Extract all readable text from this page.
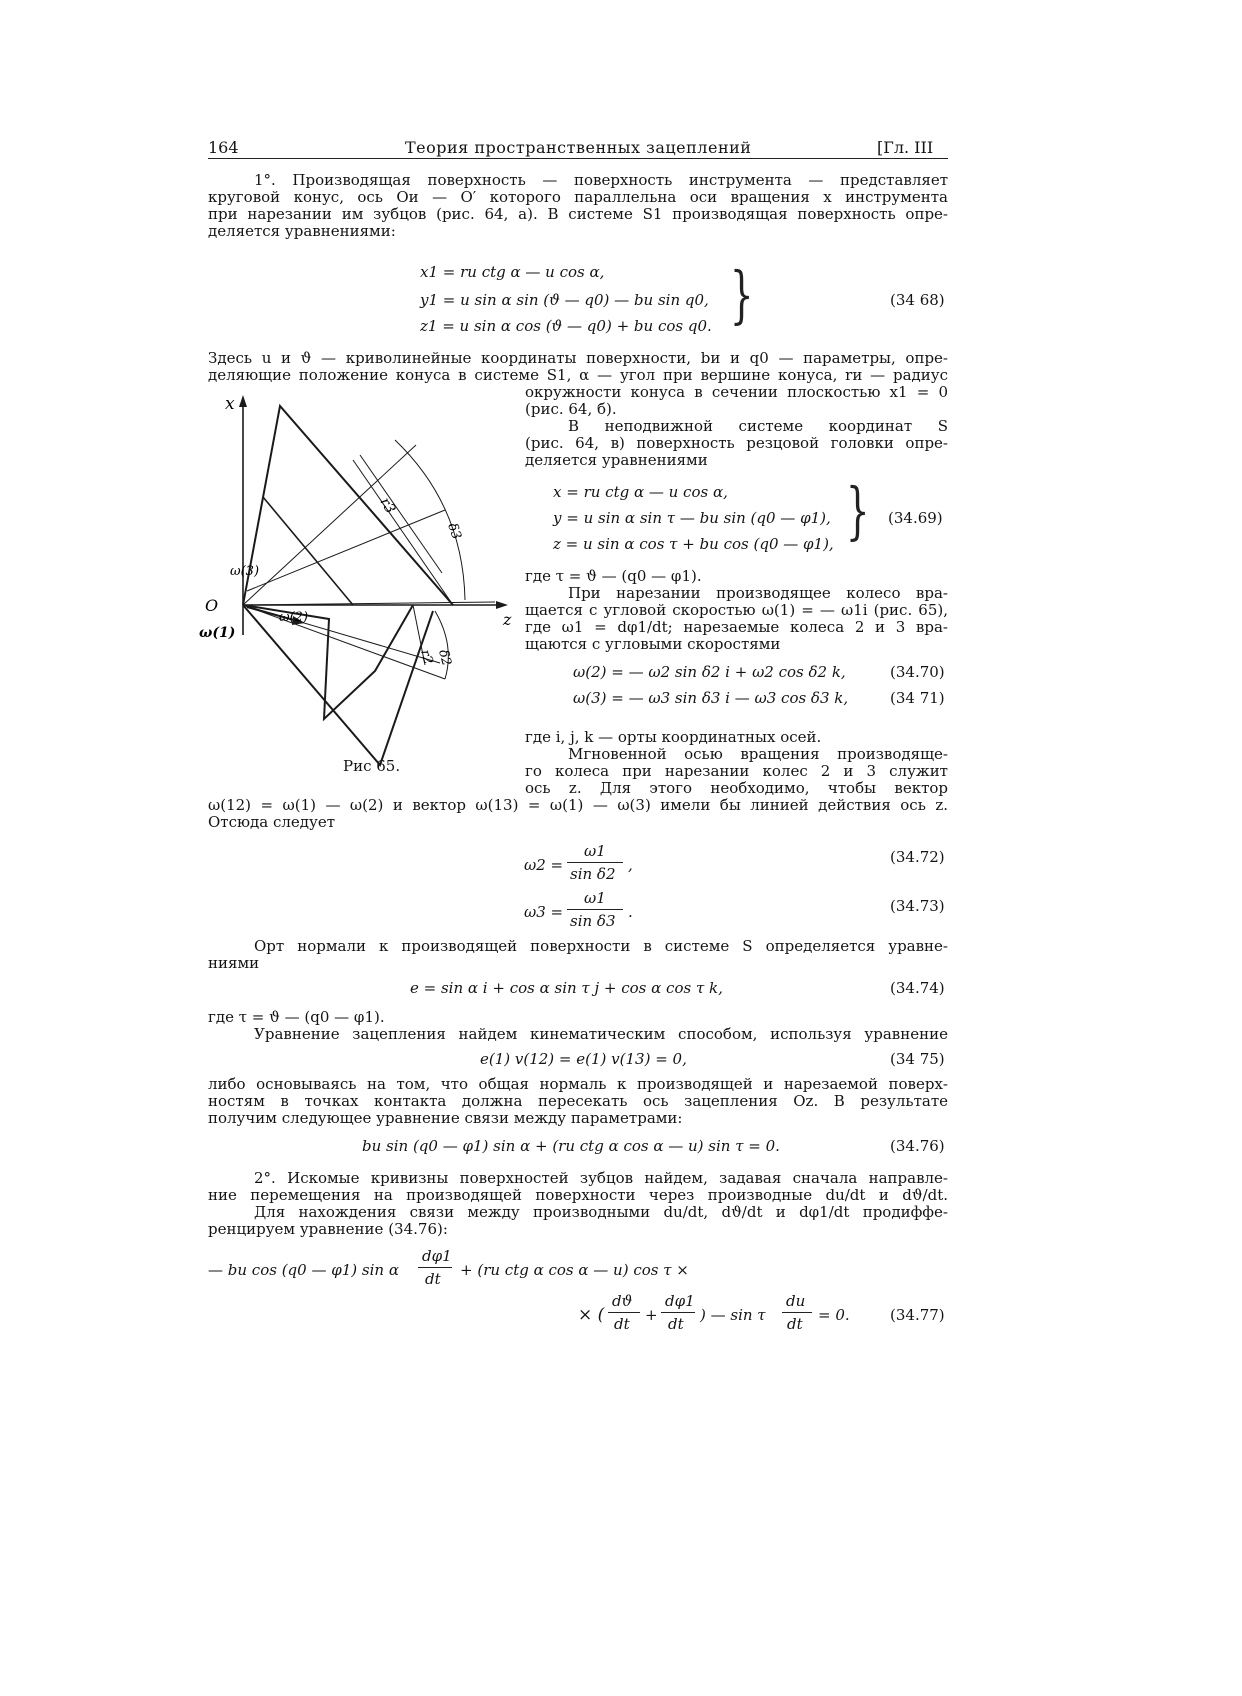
164	Теория пространственных зацеплений	[Гл. III
1°. Производящая поверхность — поверхность инструмента — представляет
круговой конус, ось Oи — O′ которого параллельна оси вращения x инструмента
при нарезании им зубцов (рис. 64, а). В системе S1 производящая поверхность опре-
деляется уравнениями:
x1 = rи ctg α — u cos α,
y1 = u sin α sin (ϑ — q0) — bи sin q0,
z1 = u sin α cos (ϑ — q0) + bи cos q0. }	(34 68)
Здесь u и ϑ — криволинейные координаты поверхности, bи и q0 — параметры, опре-
деляющие положение конуса в системе S1, α — угол при вершине конуса, rи — радиус
окружности конуса в сечении плоскостью x1 = 0
(рис. 64, б).
В неподвижной системе координат S
(рис. 64, в) поверхность резцовой головки опре-
деляется уравнениями
x = rи ctg α — u cos α,
y = u sin α sin τ — bи sin (q0 — φ1),
z = u sin α cos τ + bи cos (q0 — φ1), } (34.69)
где τ = ϑ — (q0 — φ1).
При нарезании производящее колесо вра-
щается с угловой скоростью ω(1) = — ω1i (рис. 65),
где ω1 = dφ1/dt; нарезаемые колеса 2 и 3 вра-
щаются с угловыми скоростями
ω(2) = — ω2 sin δ2 i + ω2 cos δ2 k,	(34.70)
ω(3) = — ω3 sin δ3 i — ω3 cos δ3 k,	(34 71)
где i, j, k — орты координатных осей.
Мгновенной осью вращения производяще-
го колеса при нарезании колес 2 и 3 служит
ось z. Для этого необходимо, чтобы вектор
x
z
O
ω(1)
ω(2)
ω(3)
r3
δ3
r2 δ2
Рис 65.
ω(12) = ω(1) — ω(2) и вектор ω(13) = ω(1) — ω(3) имели бы линией действия ось z.
Отсюда следует
ω2 =
ω1
sin δ2 ,	(34.72)
ω3 =
ω1
sin δ3 .	(34.73)
Орт нормали к производящей поверхности в системе S определяется уравне-
ниями
e = sin α i + cos α sin τ j + cos α cos τ k,	(34.74)
где τ = ϑ — (q0 — φ1).
Уравнение зацепления найдем кинематическим способом, используя уравнение
e(1) v(12) = e(1) v(13) = 0,	(34 75)
либо основываясь на том, что общая нормаль к производящей и нарезаемой поверх-
ностям в точках контакта должна пересекать ось зацепления Oz. В результате
получим следующее уравнение связи между параметрами:
bи sin (q0 — φ1) sin α + (rи ctg α cos α — u) sin τ = 0.	(34.76)
2°. Искомые кривизны поверхностей зубцов найдем, задавая сначала направле-
ние перемещения на производящей поверхности через производные du/dt и dϑ/dt.
Для нахождения связи между производными du/dt, dϑ/dt и dφ1/dt продиффе-
ренцируем уравнение (34.76):
— bи cos (q0 — φ1) sin α
dφ1
dt + (rи ctg α cos α — u) cos τ ×
× (
dϑ
dt +
dφ1
dt ) — sin τ
du
dt = 0.	(34.77)
